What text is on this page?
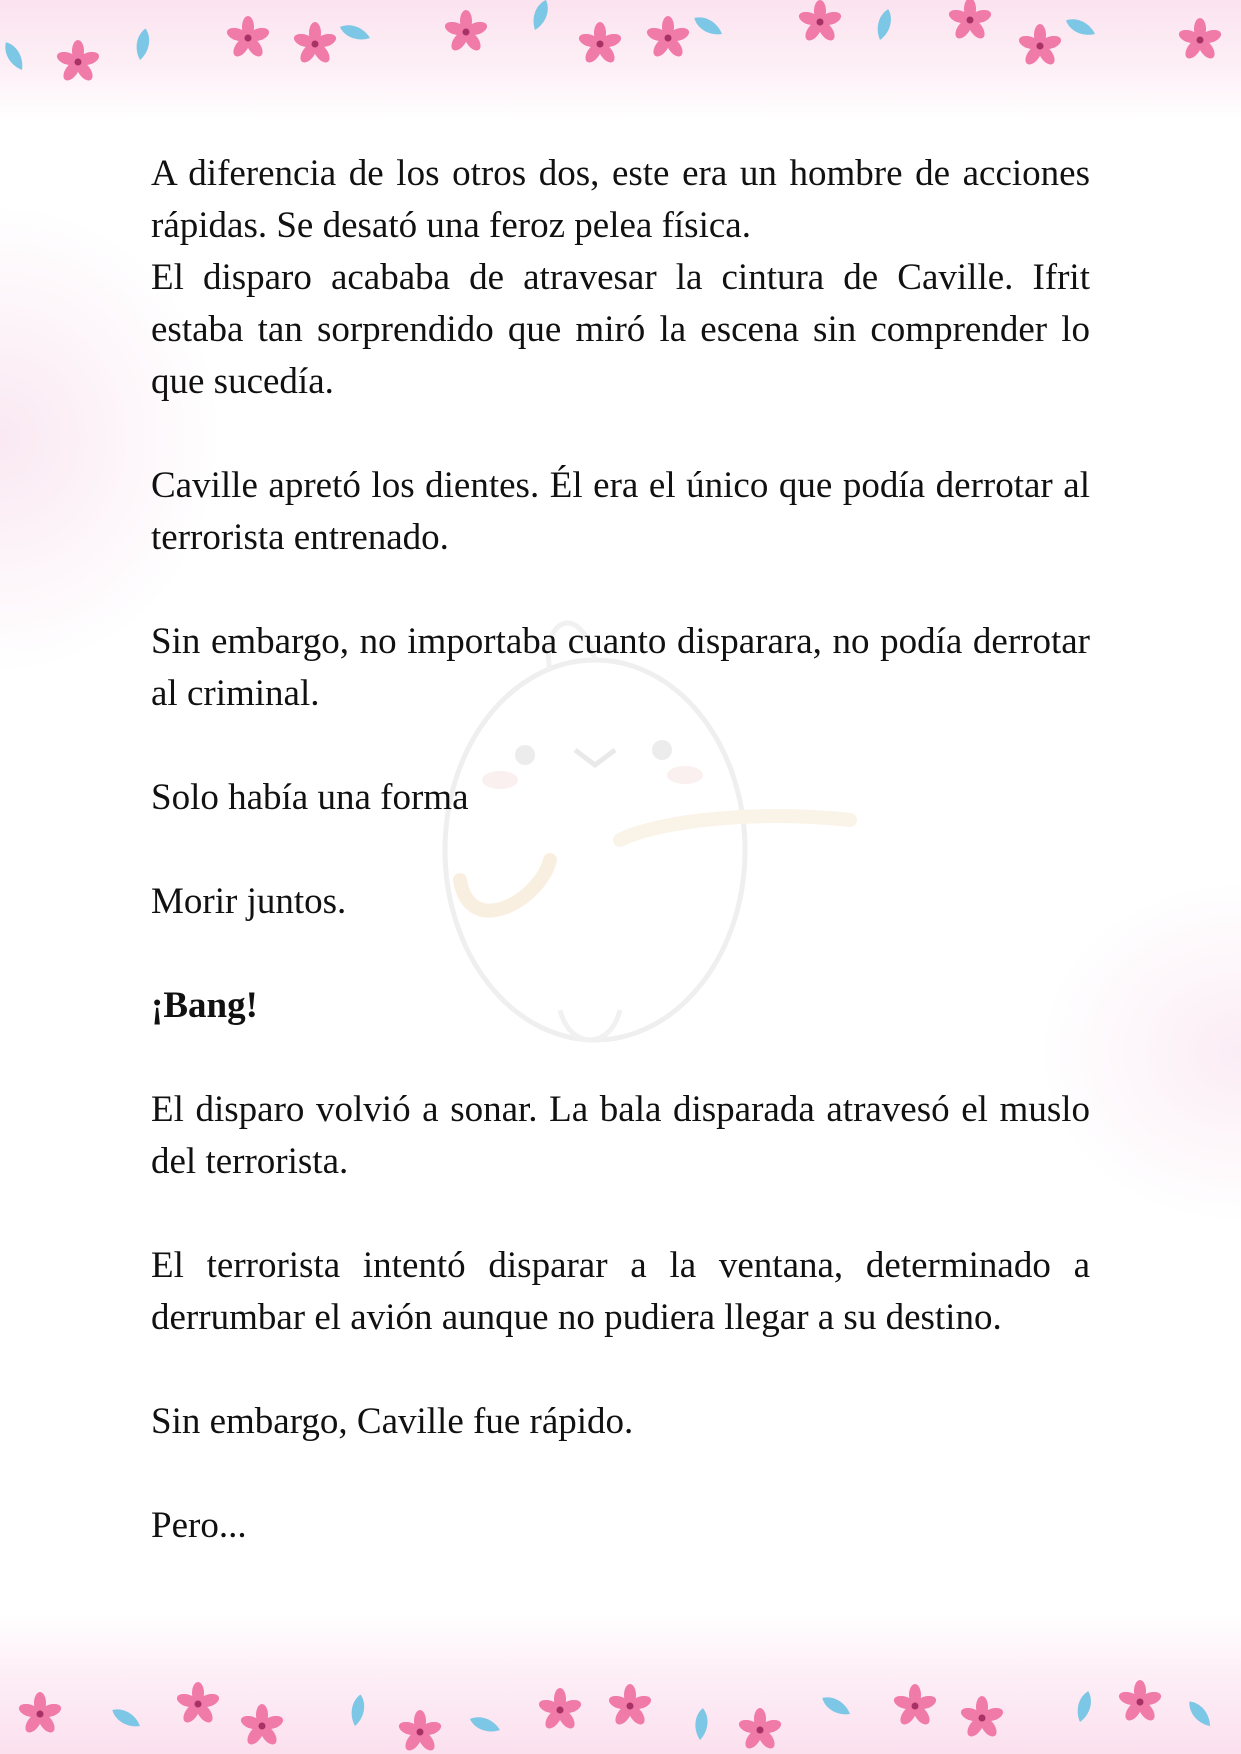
A diferencia de los otros dos, este era un hombre de acciones rápidas. Se desató una feroz pelea física.

El disparo acababa de atravesar la cintura de Caville. Ifrit estaba tan sorprendido que miró la escena sin comprender lo que sucedía.

Caville apretó los dientes. Él era el único que podía derrotar al terrorista entrenado.

Sin embargo, no importaba cuanto disparara, no podía derrotar al criminal.

Solo había una forma

Morir juntos.

¡Bang!

El disparo volvió a sonar. La bala disparada atravesó el muslo del terrorista.

El terrorista intentó disparar a la ventana, determinado a derrumbar el avión aunque no pudiera llegar a su destino.

Sin embargo, Caville fue rápido.

Pero...
